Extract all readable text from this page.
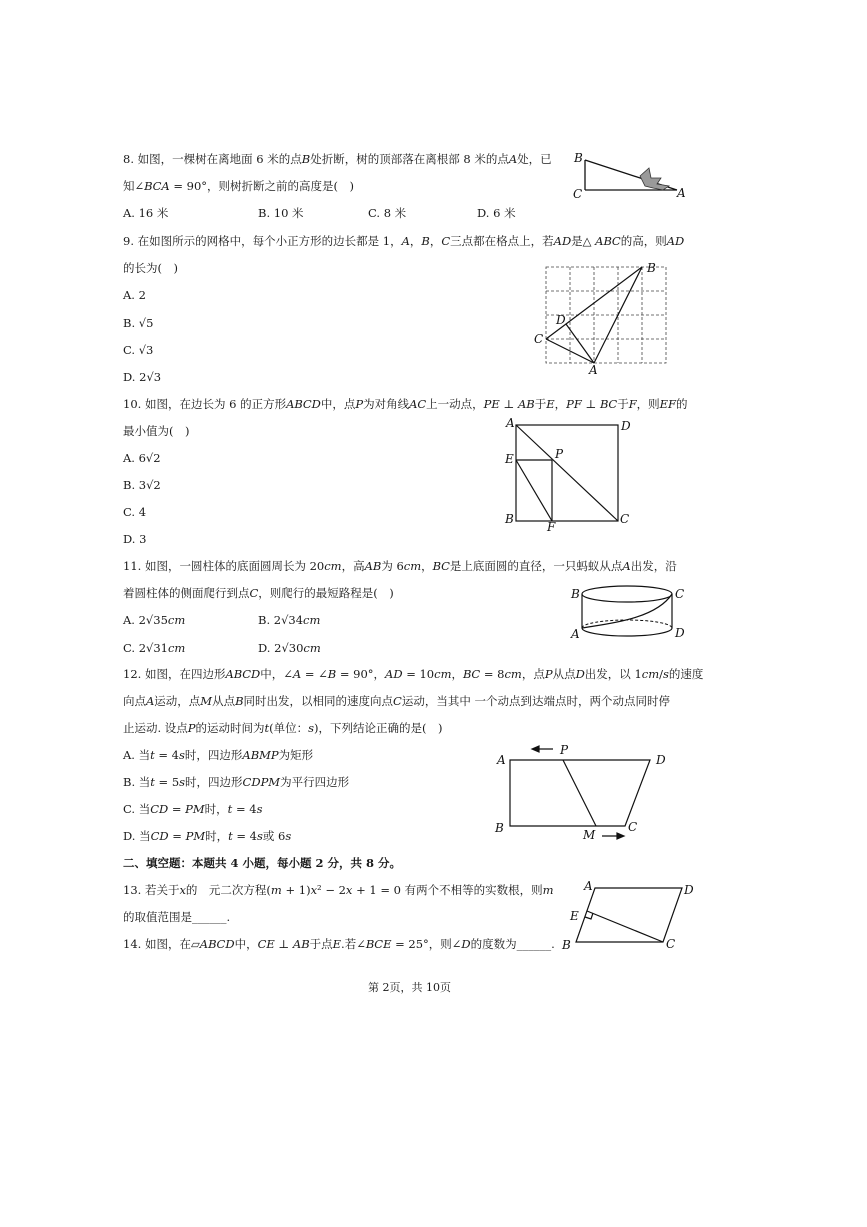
8. 如图，一棵树在离地面 6 米的点𝐵处折断，树的顶部落在离根部 8 米的点𝐴处，已
知∠𝐵𝐶𝐴 = 90°，则树折断之前的高度是(　)
A. 16 米	B. 10 米	C. 8 米	D. 6 米
B
C	A
9. 在如图所示的网格中，每个小正方形的边长都是 1，𝐴，𝐵，𝐶三点都在格点上，若𝐴𝐷是△ 𝐴𝐵𝐶的高，则𝐴𝐷
的长为(　)
A. 2
B. √5
C. √3
D. 2√3
B
D
C
A
10. 如图，在边长为 6 的正方形𝐴𝐵𝐶𝐷中，点𝑃为对角线𝐴𝐶上一动点，𝑃𝐸 ⊥ 𝐴𝐵于𝐸，𝑃𝐹 ⊥ 𝐵𝐶于𝐹，则𝐸𝐹的
最小值为(　)
A. 6√2
B. 3√2
C. 4
D. 3
A	D
E	P
B
F
C
11. 如图，一圆柱体的底面圆周长为 20𝑐𝑚，高𝐴𝐵为 6𝑐𝑚，𝐵𝐶是上底面圆的直径，一只蚂蚁从点𝐴出发，沿
着圆柱体的侧面爬行到点𝐶，则爬行的最短路程是(　)
A. 2√35𝑐𝑚	B. 2√34𝑐𝑚
C. 2√31𝑐𝑚	D. 2√30𝑐𝑚
B	C
A	D
12. 如图，在四边形𝐴𝐵𝐶𝐷中，∠𝐴 = ∠𝐵 = 90°，𝐴𝐷 = 10𝑐𝑚，𝐵𝐶 = 8𝑐𝑚，点𝑃从点𝐷出发，以 1𝑐𝑚/𝑠的速度
向点𝐴运动，点𝑀从点𝐵同时出发，以相同的速度向点𝐶运动，当其中 一个动点到达端点时，两个动点同时停
止运动. 设点𝑃的运动时间为𝑡(单位：𝑠)，下列结论正确的是(　)
A. 当𝑡 = 4𝑠时，四边形𝐴𝐵𝑀𝑃为矩形
B. 当𝑡 = 5𝑠时，四边形𝐶𝐷𝑃𝑀为平行四边形
C. 当𝐶𝐷 = 𝑃𝑀时，𝑡 = 4𝑠
D. 当𝐶𝐷 = 𝑃𝑀时，𝑡 = 4𝑠或 6𝑠
A
P
D
B	M
C
二、填空题：本题共 4 小题，每小题 2 分，共 8 分。
13. 若关于𝑥的　元二次方程(𝑚 + 1)𝑥² − 2𝑥 + 1 = 0 有两个不相等的实数根，则𝑚
的取值范围是______.
14. 如图，在▱𝐴𝐵𝐶𝐷中，𝐶𝐸 ⊥ 𝐴𝐵于点𝐸.若∠𝐵𝐶𝐸 = 25°，则∠𝐷的度数为______.
A	D
E
B	C
第 2页，共 10页
